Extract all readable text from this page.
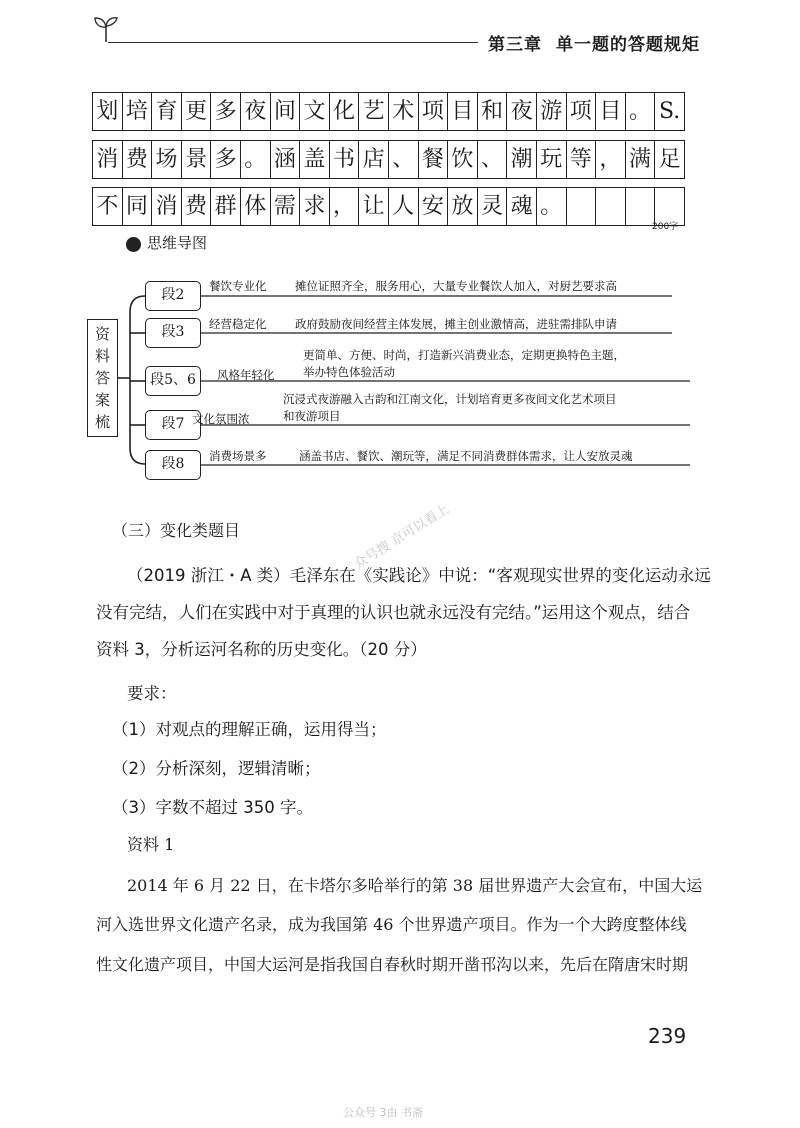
第三章 单一题的答题规矩
划 培 育 更 多 夜 间 文 化 艺 术 项 目 和 夜 游 项 目 。 S.
消 费 场 景 多 。 涵 盖 书 店 、 餐 饮 、 潮 玩 等 ， 满 足
不 同 消 费 群 体 需 求 ， 让 人 安 放 灵 魂 。
200字
思维导图
资
料
答
案
梳
段2
段3
段5、6
段7
段8
餐饮专业化 摊位证照齐全，服务用心，大量专业餐饮人加入，对厨艺要求高
经营稳定化 政府鼓励夜间经营主体发展，摊主创业激情高，进驻需排队申请
风格年轻化
更简单、方便、时尚，打造新兴消费业态，定期更换特色主题，
举办特色体验活动
文化氛围浓
沉浸式夜游融入古韵和江南文化，计划培育更多夜间文化艺术项目
和夜游项目
消费场景多	涵盖书店、餐饮、潮玩等，满足不同消费群体需求，让人安放灵魂
（三）变化类题目	众号搜 京可以看上
（2019 浙江・A 类）毛泽东在《实践论》中说：“客观现实世界的变化运动永远
没有完结，人们在实践中对于真理的认识也就永远没有完结。”运用这个观点，结合
资料 3，分析运河名称的历史变化。（20 分）
要求：
（1）对观点的理解正确，运用得当；
（2）分析深刻，逻辑清晰；
（3）字数不超过 350 字。
资料 1
2014 年 6 月 22 日，在卡塔尔多哈举行的第 38 届世界遗产大会宣布，中国大运
河入选世界文化遗产名录，成为我国第 46 个世界遗产项目。作为一个大跨度整体线
性文化遗产项目，中国大运河是指我国自春秋时期开凿邗沟以来，先后在隋唐宋时期
239
公众号 3由 书斋
